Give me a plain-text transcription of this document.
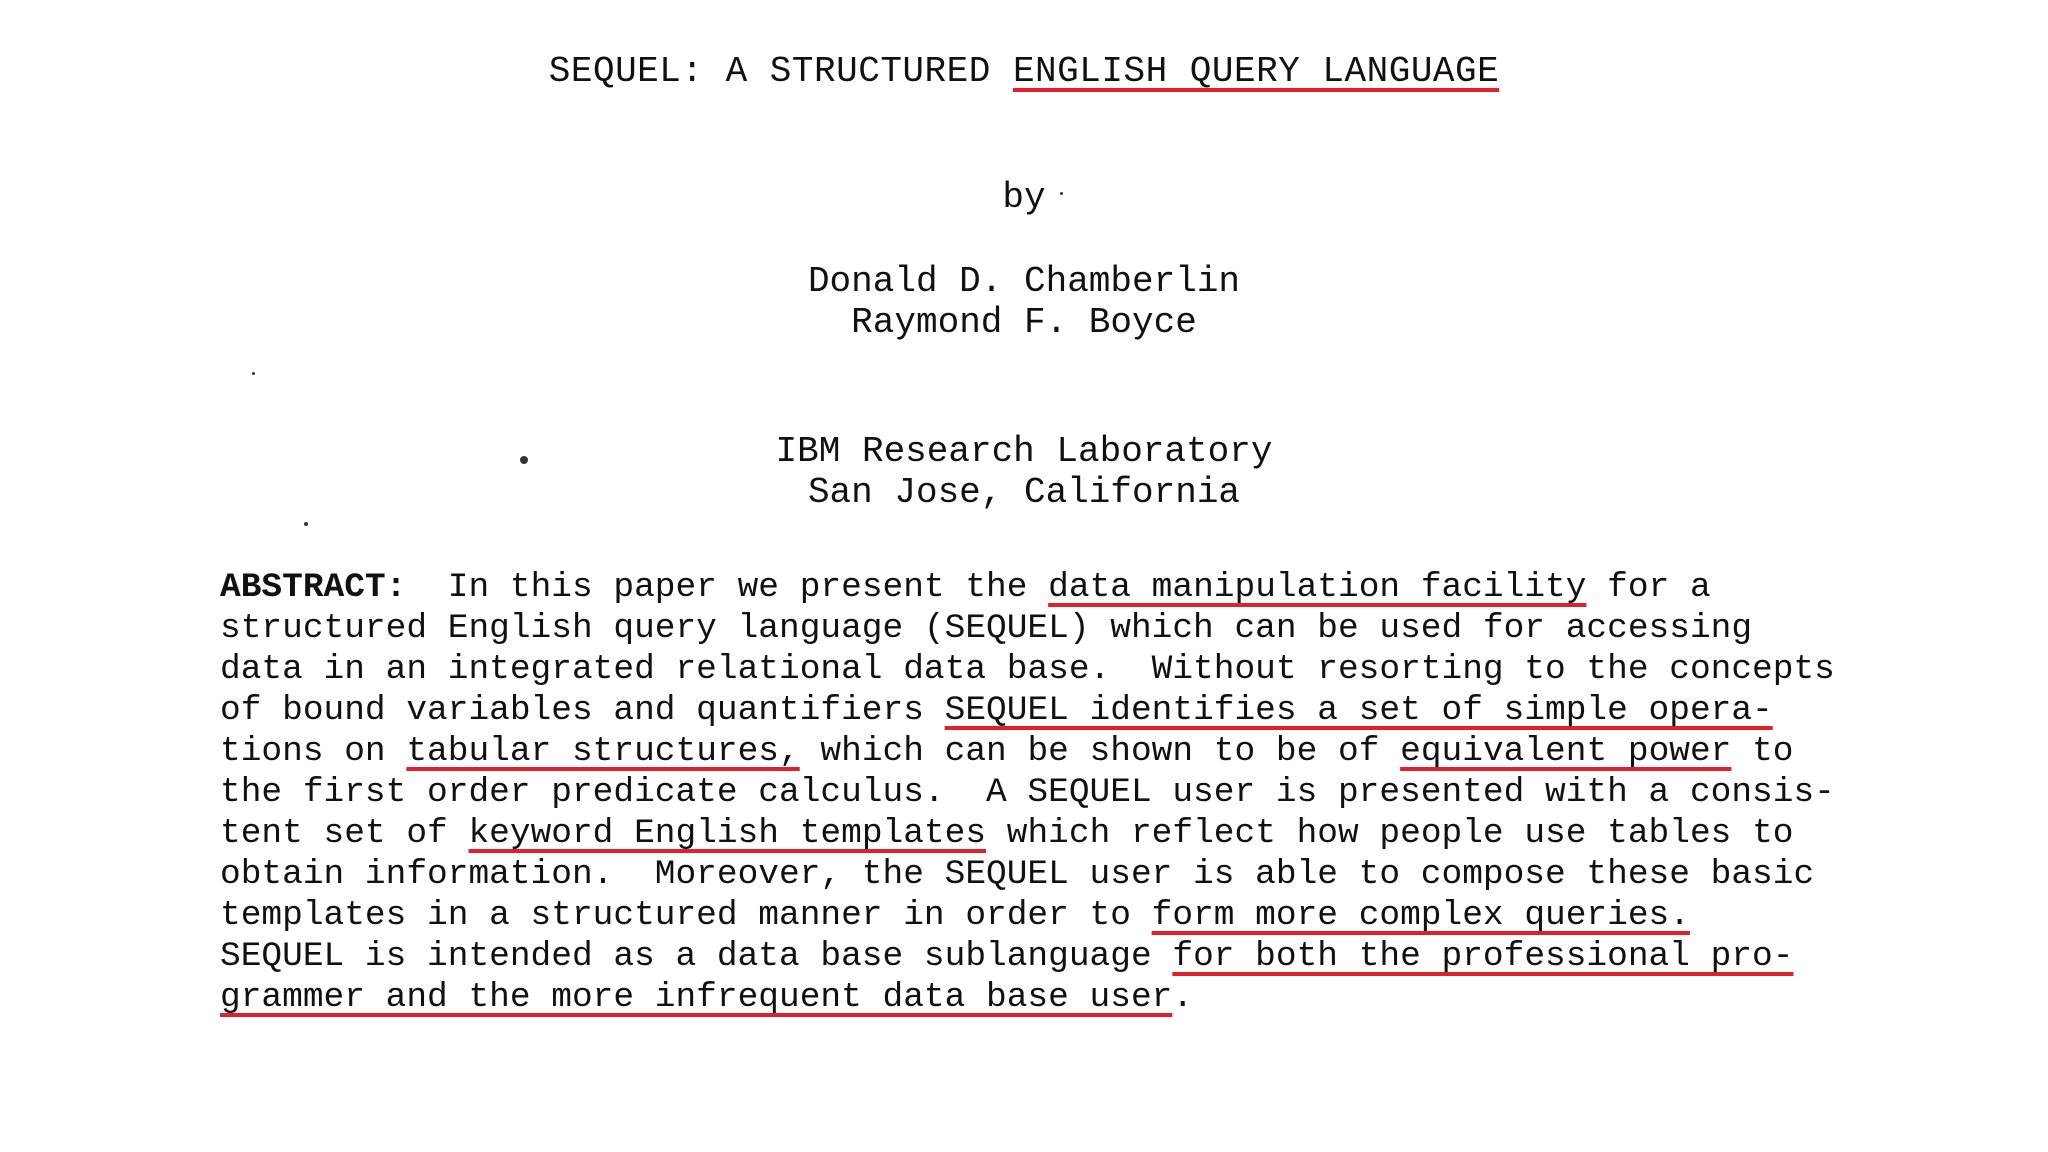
SEQUEL: A STRUCTURED ENGLISH QUERY LANGUAGE
by
Donald D. Chamberlin
Raymond F. Boyce
IBM Research Laboratory
San Jose, California
ABSTRACT:  In this paper we present the data manipulation facility for a
structured English query language (SEQUEL) which can be used for accessing
data in an integrated relational data base.  Without resorting to the concepts
of bound variables and quantifiers SEQUEL identifies a set of simple opera-
tions on tabular structures, which can be shown to be of equivalent power to
the first order predicate calculus.  A SEQUEL user is presented with a consis-
tent set of keyword English templates which reflect how people use tables to
obtain information.  Moreover, the SEQUEL user is able to compose these basic
templates in a structured manner in order to form more complex queries.
SEQUEL is intended as a data base sublanguage for both the professional pro-
grammer and the more infrequent data base user.
